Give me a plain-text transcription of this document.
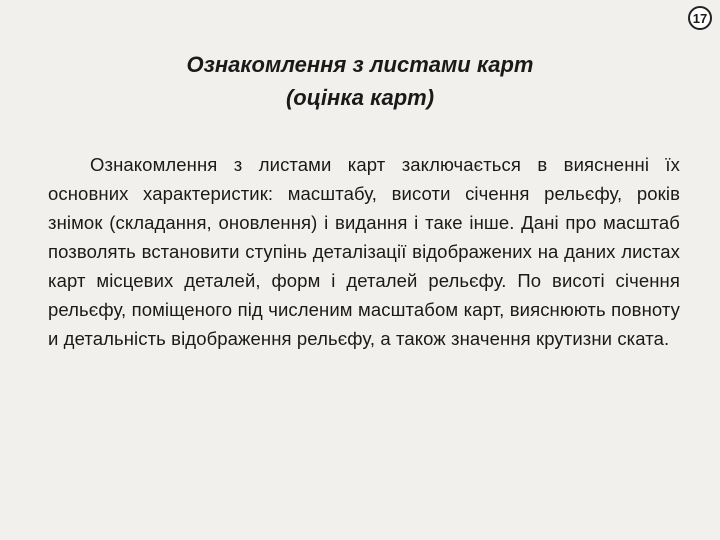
17
Ознакомлення з листами карт
(оцінка карт)

Ознакомлення з листами карт заключається в виясненні їх основних характеристик: масштабу, висоти січення рельєфу, років знімок (складання, оновлення) і видання і таке інше. Дані про масштаб позволять встановити ступінь деталізації відображених на даних листах карт місцевих деталей, форм і деталей рельєфу. По висоті січення рельєфу, поміщеного під численим масштабом карт, вияснюють повноту и детальність відображення рельєфу, а також значення крутизни ската.
